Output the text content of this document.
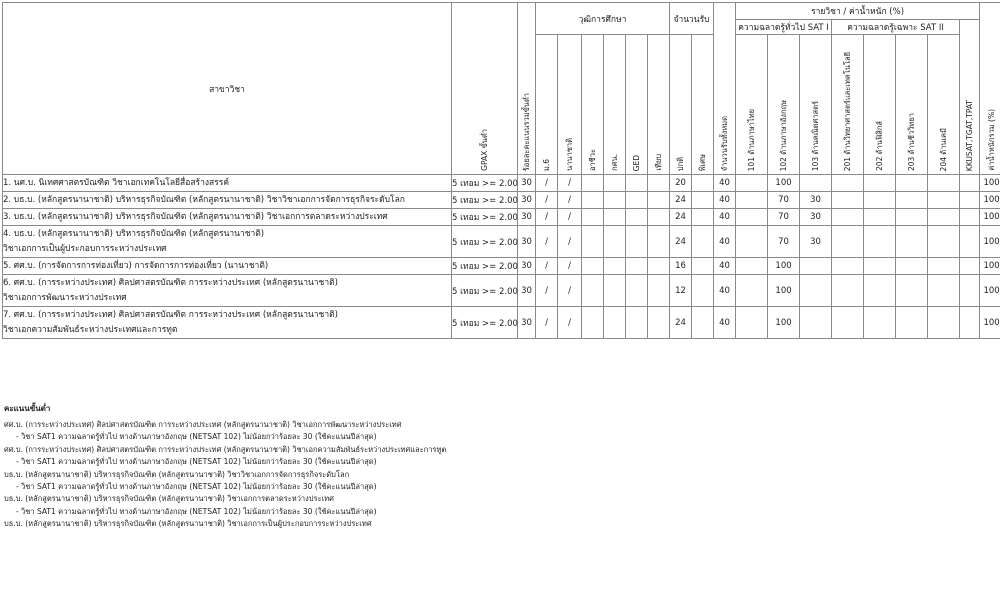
สาขาวิชา	GPAX ขั้นต่ำ	ร้อยละคะแนนรวมขั้นต่ำ	วุฒิการศึกษา						จำนวนรับ		จำนวนรับทั้งหมด	รายวิชา / ค่าน้ำหนัก (%)								ค่าน้ำหนักรวม (%)
												ความฉลาดรู้ทั่วไป SAT I			ความฉลาดรู้เฉพาะ SAT II				KKUSAT,TGAT,TPAT	
			ม.6	นานาชาติ	อาชีวะ	กศน.	GED	เทียบ	ปกติ	พิเศษ		101 ด้านภาษาไทย	102 ด้านภาษาอังกฤษ	103 ด้านคณิตศาสตร์	201 ด้านวิทยาศาสตร์และเทคโนโลยี	202 ด้านฟิสิกส์	203 ด้านชีววิทยา	204 ด้านเคมี		

1. นศ.บ. นิเทศศาสตรบัณฑิต วิชาเอกเทคโนโลยีสื่อสร้างสรรค์	5 เทอม >= 2.00	30	/	/					20		40		100							100

2. บธ.บ. (หลักสูตรนานาชาติ) บริหารธุรกิจบัณฑิต (หลักสูตรนานาชาติ) วิชาวิชาเอกการจัดการธุรกิจระดับโลก	5 เทอม >= 2.00	30	/	/					24		40		70	30						100

3. บธ.บ. (หลักสูตรนานาชาติ) บริหารธุรกิจบัณฑิต (หลักสูตรนานาชาติ) วิชาเอกการตลาดระหว่างประเทศ	5 เทอม >= 2.00	30	/	/					24		40		70	30						100

4. บธ.บ. (หลักสูตรนานาชาติ) บริหารธุรกิจบัณฑิต (หลักสูตรนานาชาติ)
วิชาเอกการเป็นผู้ประกอบการระหว่างประเทศ	5 เทอม >= 2.00	30	/	/					24		40		70	30						100

5. ศศ.บ. (การจัดการการท่องเที่ยว) การจัดการการท่องเที่ยว (นานาชาติ)	5 เทอม >= 2.00	30	/	/					16		40		100							100

6. ศศ.บ. (การระหว่างประเทศ) ศิลปศาสตรบัณฑิต การระหว่างประเทศ (หลักสูตรนานาชาติ)
วิชาเอกการพัฒนาระหว่างประเทศ	5 เทอม >= 2.00	30	/	/					12		40		100							100

7. ศศ.บ. (การระหว่างประเทศ) ศิลปศาสตรบัณฑิต การระหว่างประเทศ (หลักสูตรนานาชาติ)
วิชาเอกความสัมพันธ์ระหว่างประเทศและการทูต	5 เทอม >= 2.00	30	/	/					24		40		100							100
คะแนนขั้นต่ำ
ศศ.บ. (การระหว่างประเทศ) ศิลปศาสตรบัณฑิต การระหว่างประเทศ (หลักสูตรนานาชาติ) วิชาเอกการพัฒนาระหว่างประเทศ
- วิชา SAT1 ความฉลาดรู้ทั่วไป ทางด้านภาษาอังกฤษ (NETSAT 102) ไม่น้อยกว่าร้อยละ 30 (ใช้คะแนนปีล่าสุด)
ศศ.บ. (การระหว่างประเทศ) ศิลปศาสตรบัณฑิต การระหว่างประเทศ (หลักสูตรนานาชาติ) วิชาเอกความสัมพันธ์ระหว่างประเทศและการทูต
- วิชา SAT1 ความฉลาดรู้ทั่วไป ทางด้านภาษาอังกฤษ (NETSAT 102) ไม่น้อยกว่าร้อยละ 30 (ใช้คะแนนปีล่าสุด)
บธ.บ. (หลักสูตรนานาชาติ) บริหารธุรกิจบัณฑิต (หลักสูตรนานาชาติ) วิชาวิชาเอกการจัดการธุรกิจระดับโลก
- วิชา SAT1 ความฉลาดรู้ทั่วไป ทางด้านภาษาอังกฤษ (NETSAT 102) ไม่น้อยกว่าร้อยละ 30 (ใช้คะแนนปีล่าสุด)
บธ.บ. (หลักสูตรนานาชาติ) บริหารธุรกิจบัณฑิต (หลักสูตรนานาชาติ) วิชาเอกการตลาดระหว่างประเทศ
- วิชา SAT1 ความฉลาดรู้ทั่วไป ทางด้านภาษาอังกฤษ (NETSAT 102) ไม่น้อยกว่าร้อยละ 30 (ใช้คะแนนปีล่าสุด)
บธ.บ. (หลักสูตรนานาชาติ) บริหารธุรกิจบัณฑิต (หลักสูตรนานาชาติ) วิชาเอกการเป็นผู้ประกอบการระหว่างประเทศ
